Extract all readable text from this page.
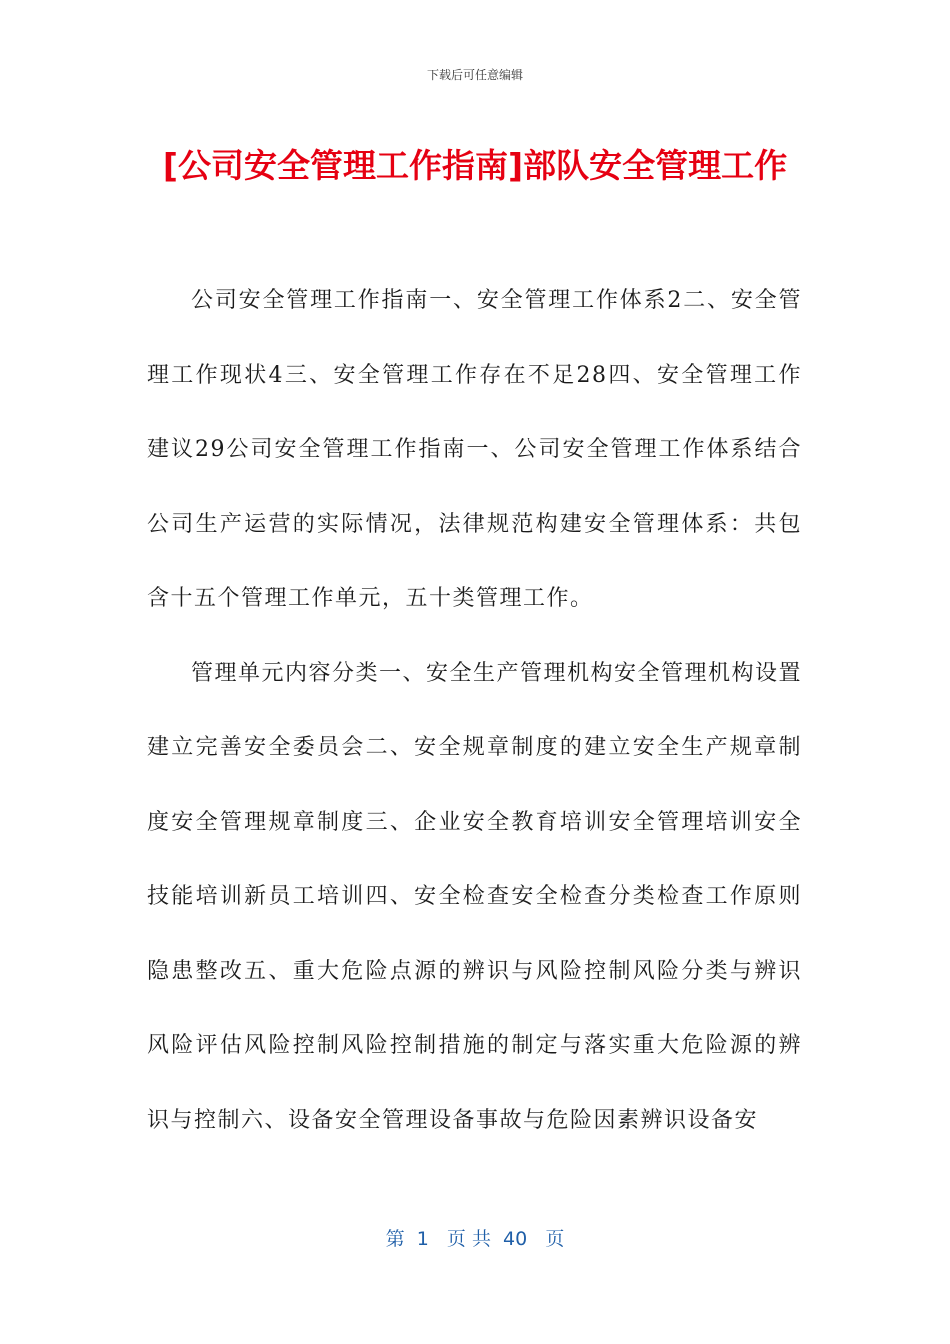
下载后可任意编辑
[公司安全管理工作指南]部队安全管理工作

公司安全管理工作指南一、安全管理工作体系2二、安全管理工作现状4三、安全管理工作存在不足28四、安全管理工作建议29公司安全管理工作指南一、公司安全管理工作体系结合公司生产运营的实际情况，法律规范构建安全管理体系：共包含十五个管理工作单元，五十类管理工作。

管理单元内容分类一、安全生产管理机构安全管理机构设置建立完善安全委员会二、安全规章制度的建立安全生产规章制度安全管理规章制度三、企业安全教育培训安全管理培训安全技能培训新员工培训四、安全检查安全检查分类检查工作原则隐患整改五、重大危险点源的辨识与风险控制风险分类与辨识风险评估风险控制风险控制措施的制定与落实重大危险源的辨识与控制六、设备安全管理设备事故与危险因素辨识设备安

第  1   页 共  40   页
